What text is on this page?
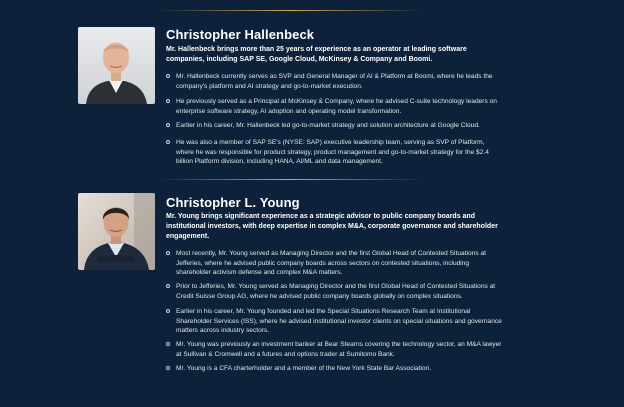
Christopher Hallenbeck
Mr. Hallenbeck brings more than 25 years of experience as an operator at leading software companies, including SAP SE, Google Cloud, McKinsey & Company and Boomi.
Mr. Hallenbeck currently serves as SVP and General Manager of AI & Platform at Boomi, where he leads the company's platform and AI strategy and go-to-market execution.
He previously served as a Principal at McKinsey & Company, where he advised C-suite technology leaders on enterprise software strategy, AI adoption and operating model transformation.
Earlier in his career, Mr. Hallenbeck led go-to-market strategy and solution architecture at Google Cloud.
He was also a member of SAP SE's (NYSE: SAP) executive leadership team, serving as SVP of Platform, where he was responsible for product strategy, product management and go-to-market strategy for the $2.4 billion Platform division, including HANA, AI/ML and data management.
Christopher L. Young
Mr. Young brings significant experience as a strategic advisor to public company boards and institutional investors, with deep expertise in complex M&A, corporate governance and shareholder engagement.
Most recently, Mr. Young served as Managing Director and the first Global Head of Contested Situations at Jefferies, where he advised public company boards across sectors on contested situations, including shareholder activism defense and complex M&A matters.
Prior to Jefferies, Mr. Young served as Managing Director and the first Global Head of Contested Situations at Credit Suisse Group AG, where he advised public company boards globally on complex situations.
Earlier in his career, Mr. Young founded and led the Special Situations Research Team at Institutional Shareholder Services (ISS), where he advised institutional investor clients on special situations and governance matters across industry sectors.
Mr. Young was previously an investment banker at Bear Stearns covering the technology sector, an M&A lawyer at Sullivan & Cromwell and a futures and options trader at Sumitomo Bank.
Mr. Young is a CFA charterholder and a member of the New York State Bar Association.
